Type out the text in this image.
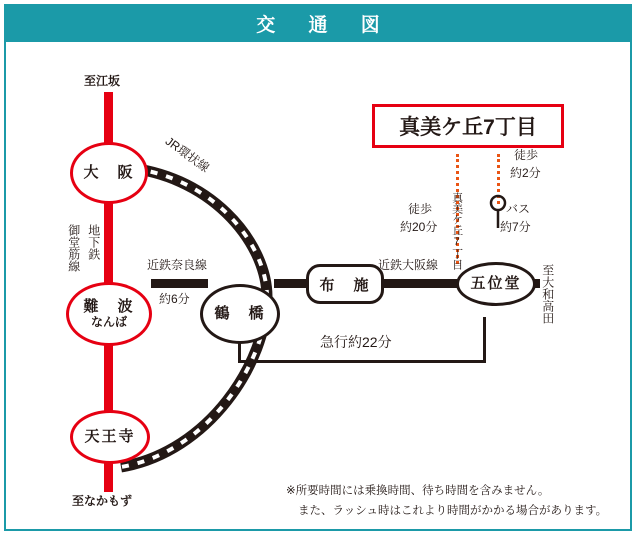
交 通 図
大　阪
難　波
なんば	鶴　橋
布　施	五位堂
天王寺
真美ケ丘7丁目
至江坂
至なかもず
至大和高田
御堂筋線 地下鉄
JR環状線
近鉄奈良線
約6分
近鉄大阪線
急行約22分
徒歩
約20分 真美ケ丘7丁目	バス
約7分
徒歩
約2分
※所要時間には乗換時間、待ち時間を含みません。
また、ラッシュ時はこれより時間がかかる場合があります。
